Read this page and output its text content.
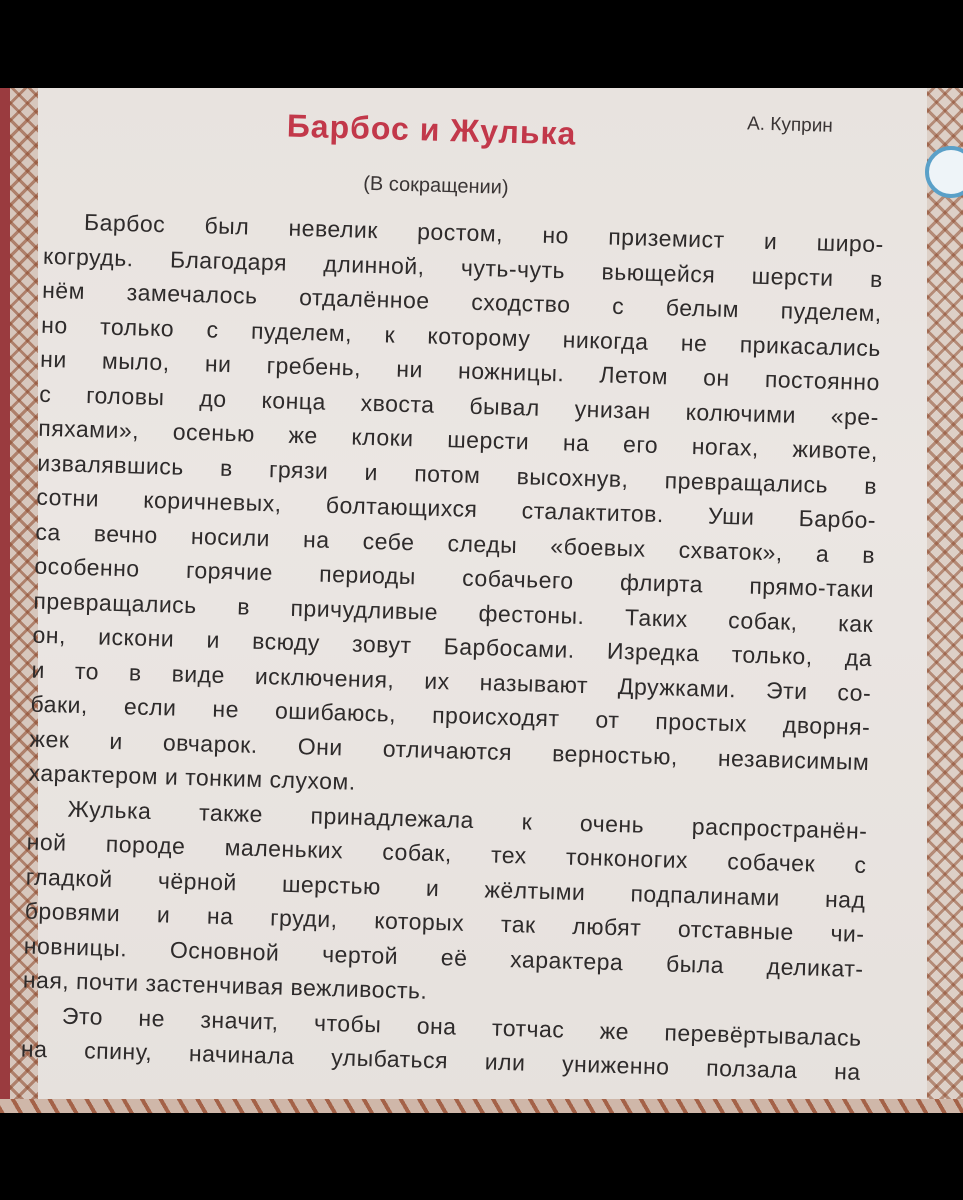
А. Куприн
Барбос и Жулька
(В сокращении)
Барбос был невелик ростом, но приземист и широ-
когрудь. Благодаря длинной, чуть-чуть вьющейся шерсти в
нём замечалось отдалённое сходство с белым пуделем,
но только с пуделем, к которому никогда не прикасались
ни мыло, ни гребень, ни ножницы. Летом он постоянно
с головы до конца хвоста бывал унизан колючими «ре-
пяхами», осенью же клоки шерсти на его ногах, животе,
извалявшись в грязи и потом высохнув, превращались в
сотни коричневых, болтающихся сталактитов. Уши Барбо-
са вечно носили на себе следы «боевых схваток», а в
особенно горячие периоды собачьего флирта прямо-таки
превращались в причудливые фестоны. Таких собак, как
он, искони и всюду зовут Барбосами. Изредка только, да
и то в виде исключения, их называют Дружками. Эти со-
баки, если не ошибаюсь, происходят от простых дворня-
жек и овчарок. Они отличаются верностью, независимым
характером и тонким слухом.
Жулька также принадлежала к очень распространён-
ной породе маленьких собак, тех тонконогих собачек с
гладкой чёрной шерстью и жёлтыми подпалинами над
бровями и на груди, которых так любят отставные чи-
новницы. Основной чертой её характера была деликат-
ная, почти застенчивая вежливость.
Это не значит, чтобы она тотчас же перевёртывалась
на спину, начинала улыбаться или униженно ползала на
